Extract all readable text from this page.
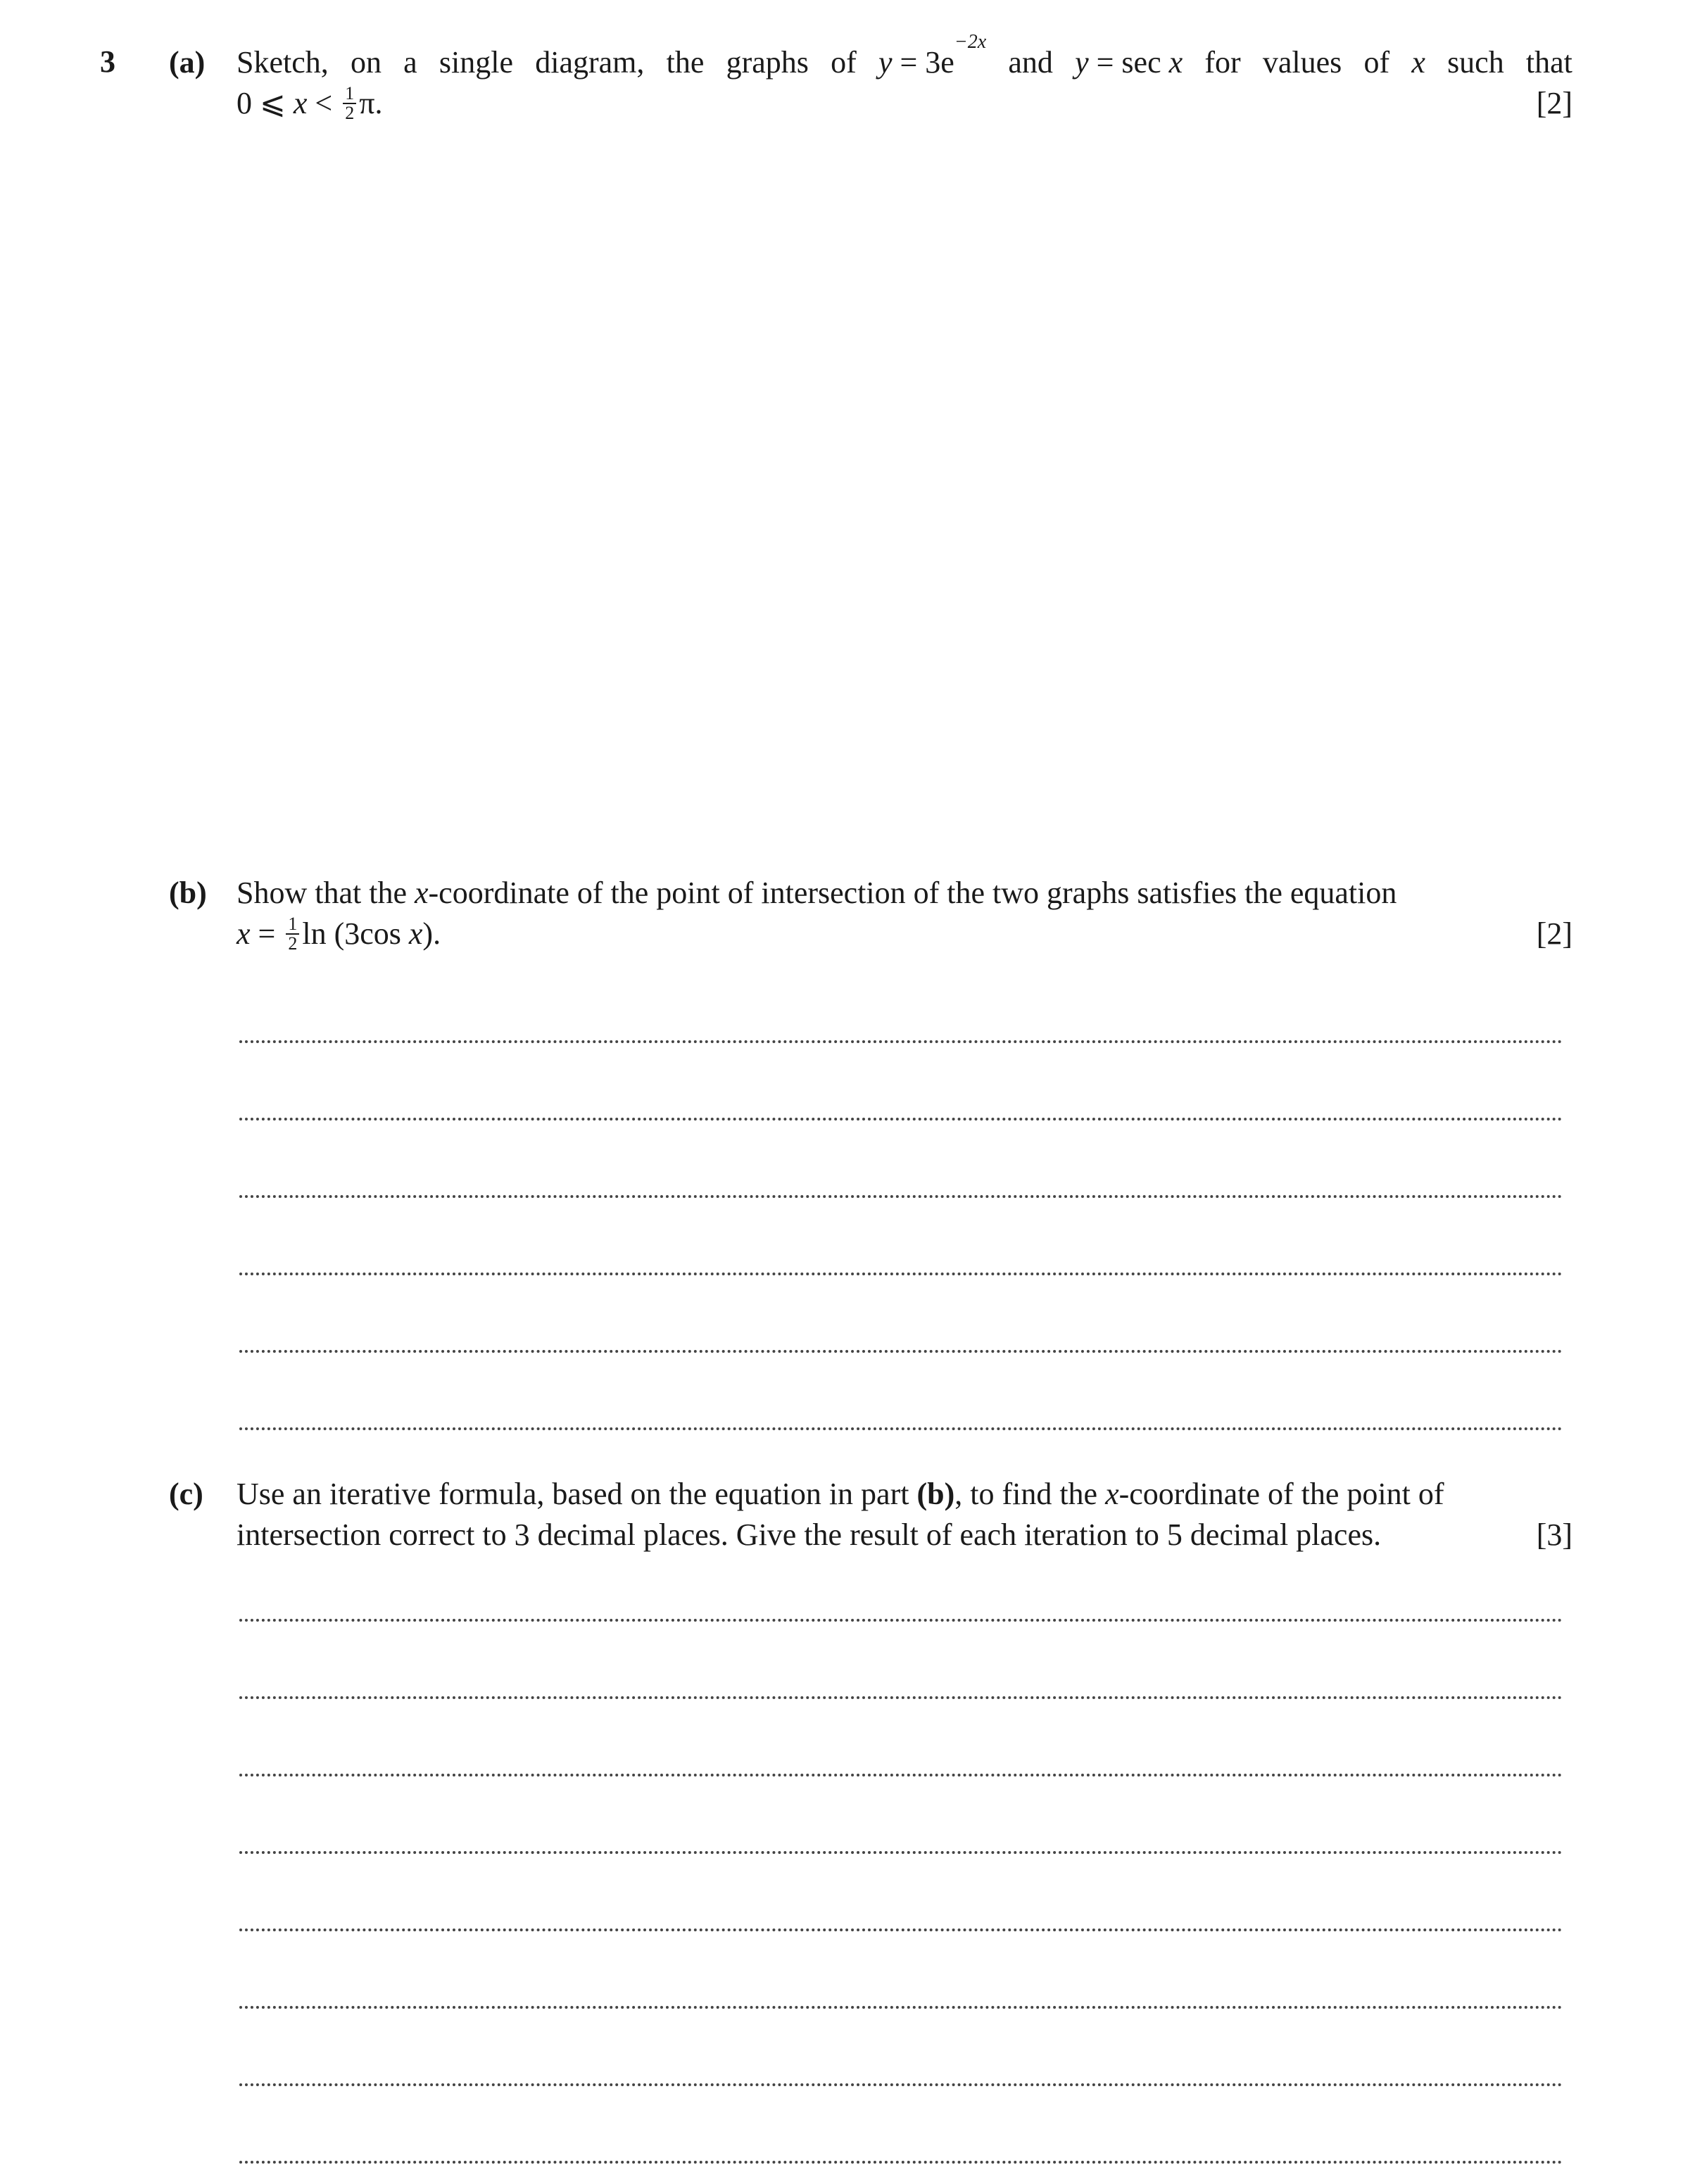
3 (a) Sketch, on a single diagram, the graphs of $y = 3e^{-2x}$
and y = sec x for values of x such that
0 ⩽ $x < \frac{1}{2} \pi$.	[2]
(b) Show that the x-coordinate of the point of intersection of the two graphs satisfies the equation
$x = \frac{1}{2}$ ln (3cos x).	[2]
(c) Use an iterative formula, based on the equation in part (b), to find the x-coordinate of the point of
intersection correct to 3 decimal places. Give the result of each iteration to 5 decimal places.	[3]
